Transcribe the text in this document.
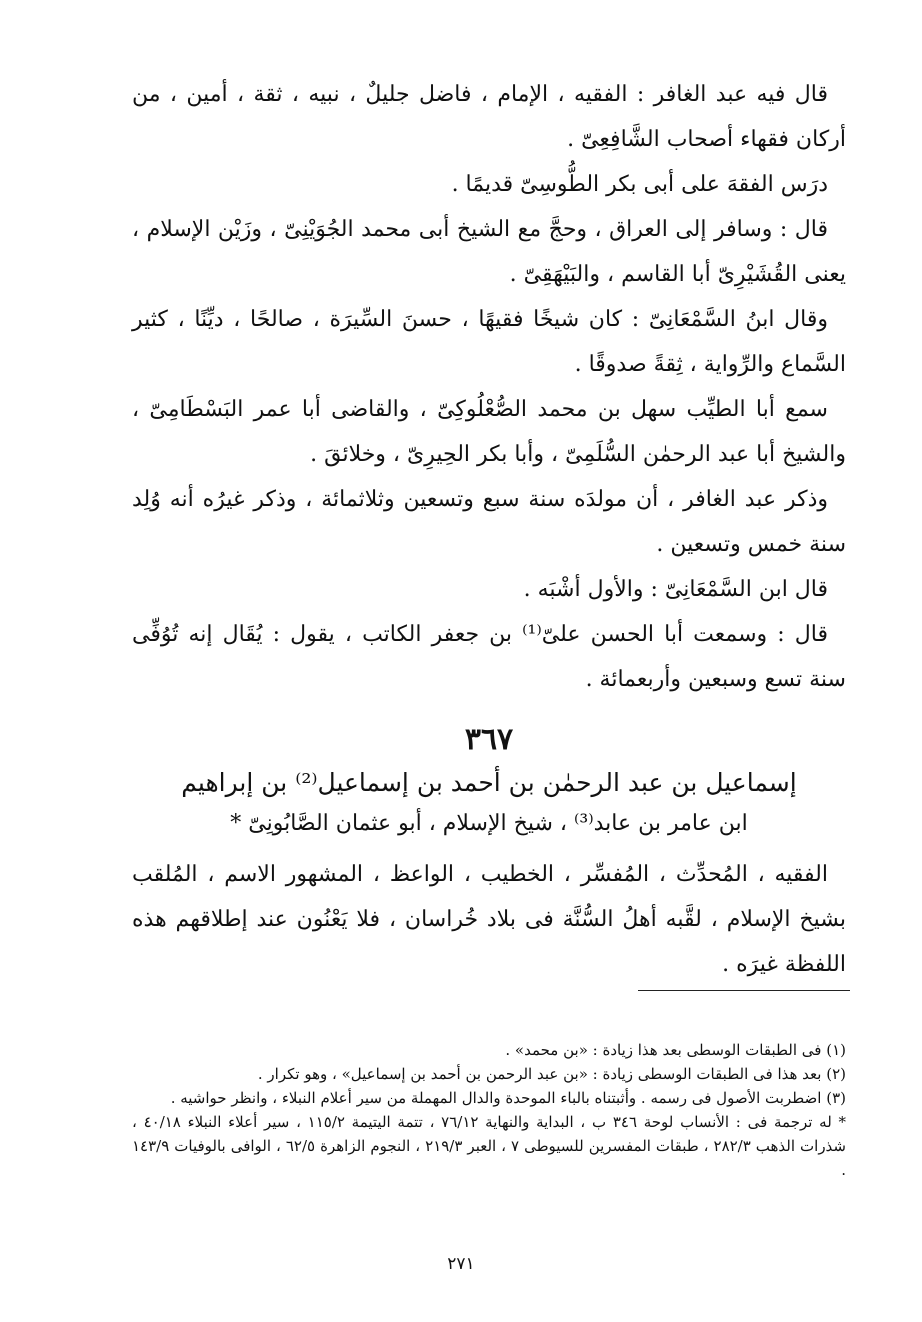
قال فيه عبد الغافر : الفقيه ، الإمام ، فاضل جليلٌ ، نبيه ، ثقة ، أمين ، من أركان فقهاء أصحاب الشَّافِعِىّ .

درَس الفقهَ على أبى بكر الطُّوسِىّ قديمًا .

قال : وسافر إلى العراق ، وحجَّ مع الشيخ أبى محمد الجُوَيْنِىّ ، وزَيْن الإسلام ، يعنى القُشَيْرِىّ أبا القاسم ، والبَيْهَقِىّ .

وقال ابنُ السَّمْعَانِىّ : كان شيخًا فقيهًا ، حسنَ السِّيرَة ، صالحًا ، ديِّنًا ، كثير السَّماع والرِّواية ، ثِقةً صدوقًا .

سمع أبا الطيِّب سهل بن محمد الصُّعْلُوكِىّ ، والقاضى أبا عمر البَسْطَامِىّ ، والشيخ أبا عبد الرحمٰن السُّلَمِىّ ، وأبا بكر الحِيرِىّ ، وخلائقَ .

وذكر عبد الغافر ، أن مولدَه سنة سبع وتسعين وثلاثمائة ، وذكر غيرُه أنه وُلِد سنة خمس وتسعين .

قال ابن السَّمْعَانِىّ : والأول أشْبَه .

قال : وسمعت أبا الحسن علىّ⁽¹⁾ بن جعفر الكاتب ، يقول : يُقَال إنه تُوُفِّى سنة تسع وسبعين وأربعمائة .

٣٦٧

إسماعيل بن عبد الرحمٰن بن أحمد بن إسماعيل⁽²⁾ بن إبراهيم

ابن عامر بن عابد⁽³⁾ ، شيخ الإسلام ، أبو عثمان الصَّابُونِىّ *

الفقيه ، المُحدِّث ، المُفسِّر ، الخطيب ، الواعظ ، المشهور الاسم ، المُلقب بشيخ الإسلام ، لقَّبه أهلُ السُّنَّة فى بلاد خُراسان ، فلا يَعْنُون عند إطلاقهم هذه اللفظة غيرَه .

(١) فى الطبقات الوسطى بعد هذا زيادة : «بن محمد» .

(٢) بعد هذا فى الطبقات الوسطى زيادة : «بن عبد الرحمن بن أحمد بن إسماعيل» ، وهو تكرار .

(٣) اضطربت الأصول فى رسمه . وأثبتناه بالباء الموحدة والدال المهملة من سير أعلام النبلاء ، وانظر حواشيه .

* له ترجمة فى : الأنساب لوحة ٣٤٦ ب ، البداية والنهاية ٧٦/١٢ ، تتمة اليتيمة ١١٥/٢ ، سير أعلاء النبلاء ٤٠/١٨ ، شذرات الذهب ٢٨٢/٣ ، طبقات المفسرين للسيوطى ٧ ، العبر ٢١٩/٣ ، النجوم الزاهرة ٦٢/٥ ، الوافى بالوفيات ١٤٣/٩ .

٢٧١
